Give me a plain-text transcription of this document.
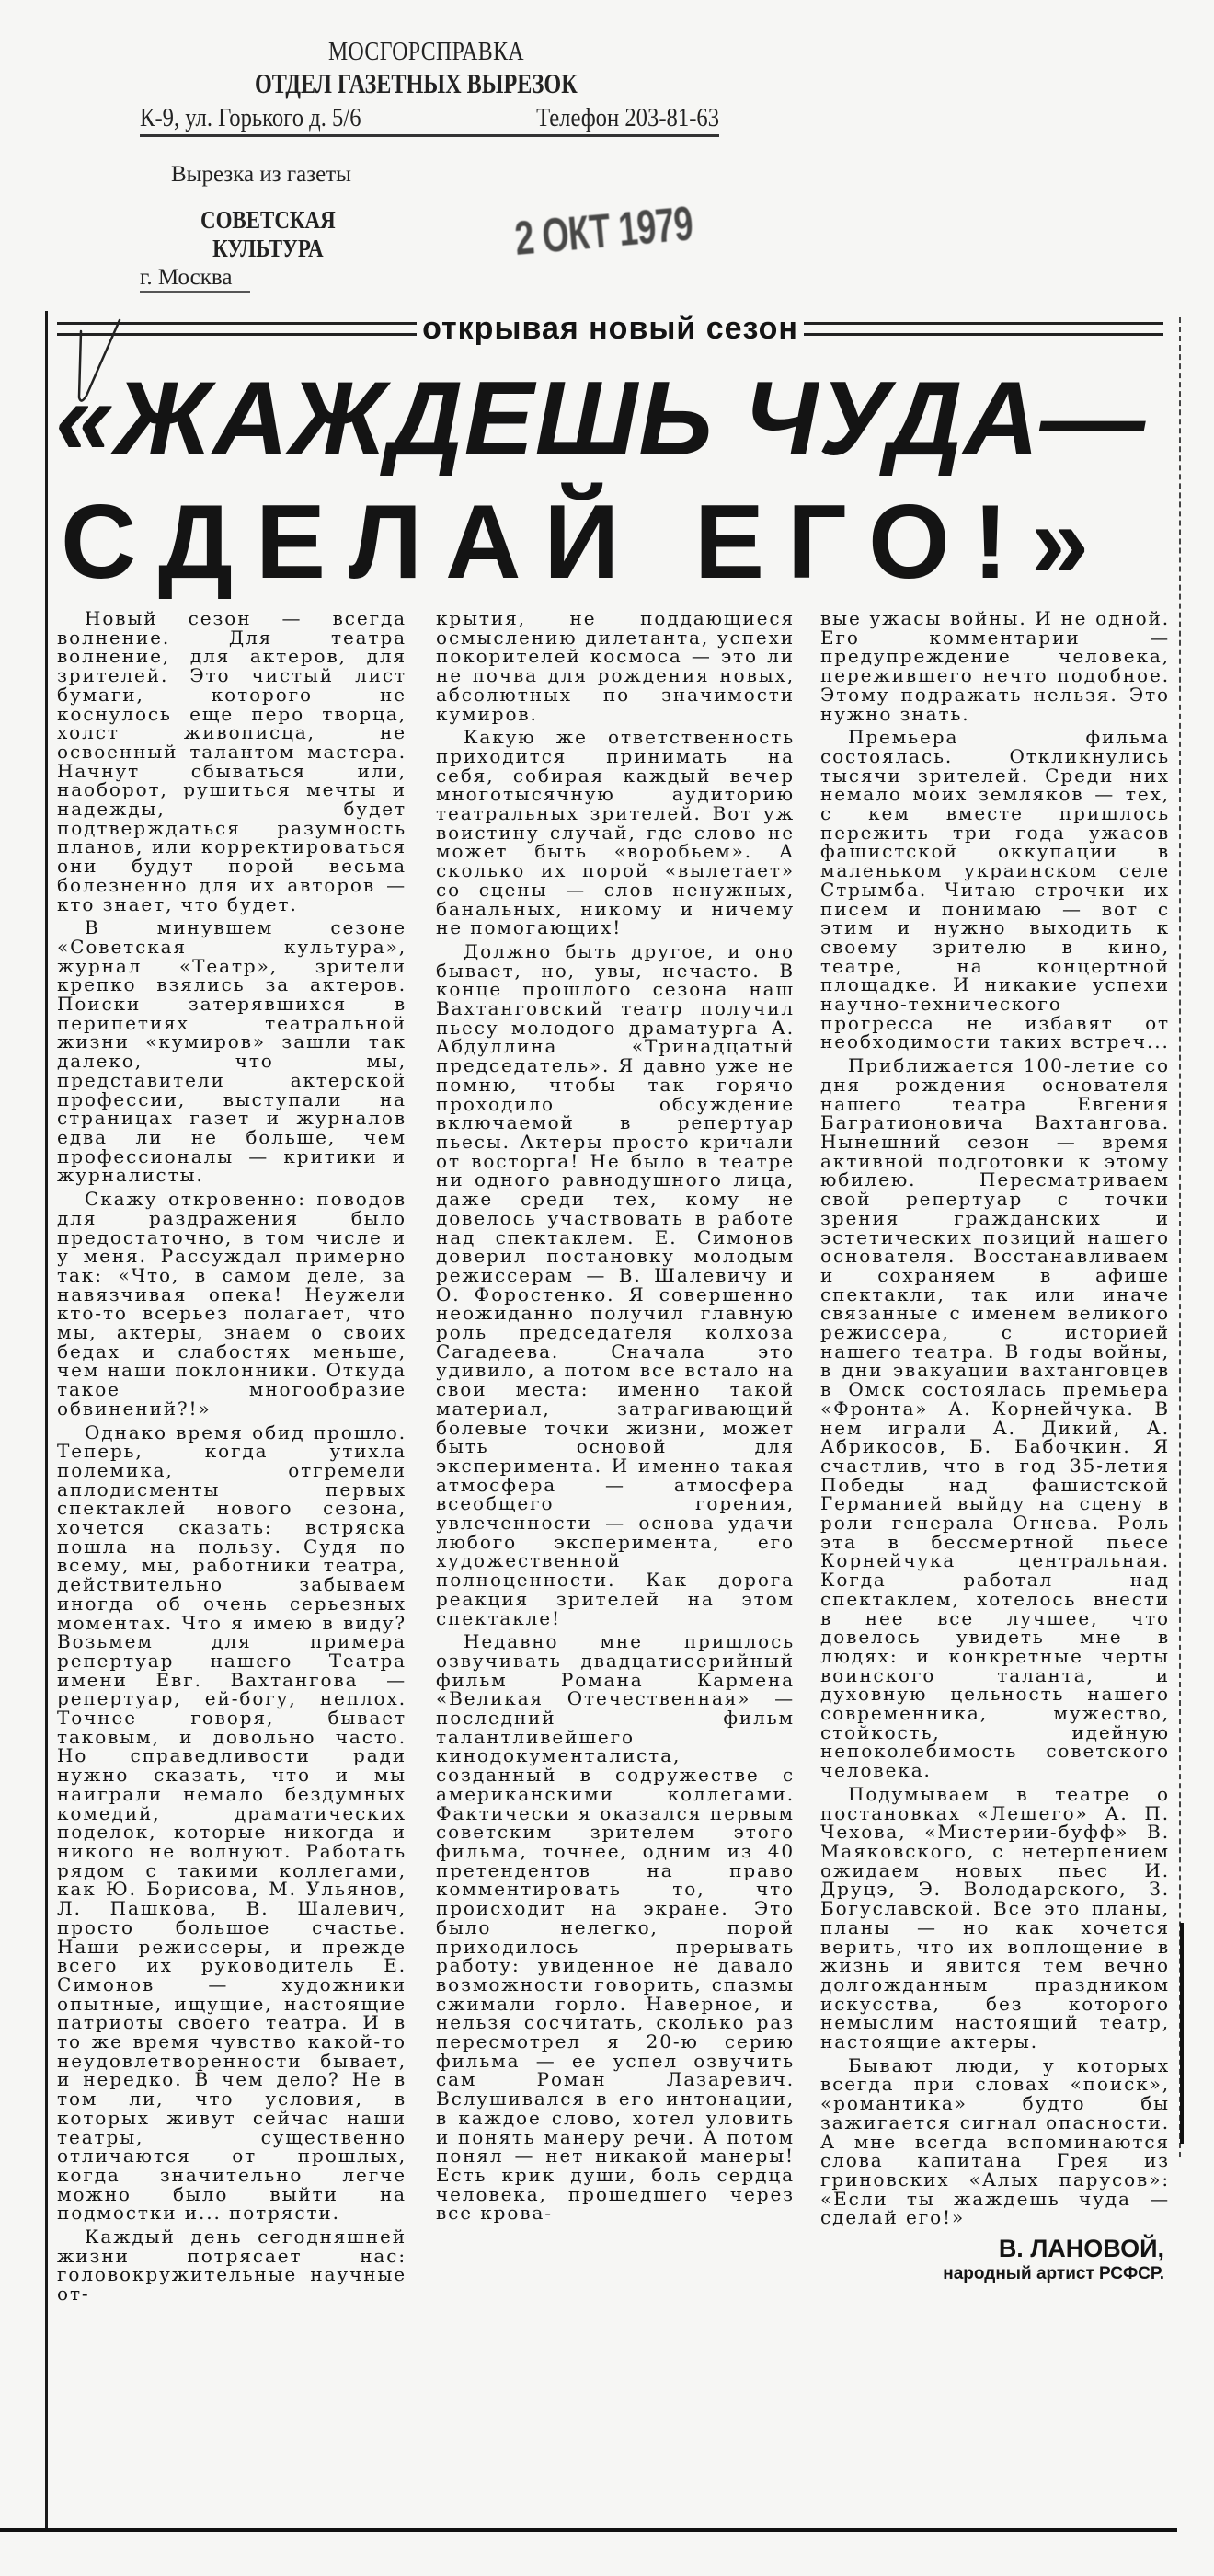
МОСГОРСПРАВКА
ОТДЕЛ ГАЗЕТНЫХ ВЫРЕЗОК
К-9, ул. Горького д. 5/6	Телефон 203-81-63
Вырезка из газеты
СОВЕТСКАЯ
КУЛЬТУРА
г. Москва
2 ОКТ 1979
открывая новый сезон
«ЖАЖДЕШЬ ЧУДА—
СДЕЛАЙ ЕГО!»

Новый сезон — всегда волнение. Для театра волнение, для актеров, для зрителей. Это чистый лист бумаги, которого не коснулось еще перо творца, холст живописца, не освоенный талантом мастера. Начнут сбываться или, наоборот, рушиться мечты и надежды, будет подтверждаться разумность планов, или корректироваться они будут порой весьма болезненно для их авторов — кто знает, что будет.

В минувшем сезоне «Советская культура», журнал «Театр», зрители крепко взялись за актеров. Поиски затерявшихся в перипетиях театральной жизни «кумиров» зашли так далеко, что мы, представители актерской профессии, выступали на страницах газет и журналов едва ли не больше, чем профессионалы — критики и журналисты.

Скажу откровенно: поводов для раздражения было предостаточно, в том числе и у меня. Рассуждал примерно так: «Что, в самом деле, за навязчивая опека! Неужели кто-то всерьез полагает, что мы, актеры, знаем о своих бедах и слабостях меньше, чем наши поклонники. Откуда такое многообразие обвинений?!»

Однако время обид прошло. Теперь, когда утихла полемика, отгремели аплодисменты первых спектаклей нового сезона, хочется сказать: встряска пошла на пользу. Судя по всему, мы, работники театра, действительно забываем иногда об очень серьезных моментах. Что я имею в виду? Возьмем для примера репертуар нашего Театра имени Евг. Вахтангова — репертуар, ей-богу, неплох. Точнее говоря, бывает таковым, и довольно часто. Но справедливости ради нужно сказать, что и мы наиграли немало бездумных комедий, драматических поделок, которые никогда и никого не волнуют. Работать рядом с такими коллегами, как Ю. Борисова, М. Ульянов, Л. Пашкова, В. Шалевич, просто большое счастье. Наши режиссеры, и прежде всего их руководитель Е. Симонов — художники опытные, ищущие, настоящие патриоты своего театра. И в то же время чувство какой-то неудовлетворенности бывает, и нередко. В чем дело? Не в том ли, что условия, в которых живут сейчас наши театры, существенно отличаются от прошлых, когда значительно легче можно было выйти на подмостки и... потрясти.

Каждый день сегодняшней жизни потрясает нас: головокружительные научные от-

крытия, не поддающиеся осмыслению дилетанта, успехи покорителей космоса — это ли не почва для рождения новых, абсолютных по значимости кумиров.

Какую же ответственность приходится принимать на себя, собирая каждый вечер многотысячную аудиторию театральных зрителей. Вот уж воистину случай, где слово не может быть «воробьем». А сколько их порой «вылетает» со сцены — слов ненужных, банальных, никому и ничему не помогающих!

Должно быть другое, и оно бывает, но, увы, нечасто. В конце прошлого сезона наш Вахтанговский театр получил пьесу молодого драматурга А. Абдуллина «Тринадцатый председатель». Я давно уже не помню, чтобы так горячо проходило обсуждение включаемой в репертуар пьесы. Актеры просто кричали от восторга! Не было в театре ни одного равнодушного лица, даже среди тех, кому не довелось участвовать в работе над спектаклем. Е. Симонов доверил постановку молодым режиссерам — В. Шалевичу и О. Форостенко. Я совершенно неожиданно получил главную роль председателя колхоза Сагадеева. Сначала это удивило, а потом все встало на свои места: именно такой материал, затрагивающий болевые точки жизни, может быть основой для эксперимента. И именно такая атмосфера — атмосфера всеобщего горения, увлеченности — основа удачи любого эксперимента, его художественной полноценности. Как дорога реакция зрителей на этом спектакле!

Недавно мне пришлось озвучивать двадцатисерийный фильм Романа Кармена «Великая Отечественная» — последний фильм талантливейшего кинодокументалиста, созданный в содружестве с американскими коллегами. Фактически я оказался первым советским зрителем этого фильма, точнее, одним из 40 претендентов на право комментировать то, что происходит на экране. Это было нелегко, порой приходилось прерывать работу: увиденное не давало возможности говорить, спазмы сжимали горло. Наверное, и нельзя сосчитать, сколько раз пересмотрел я 20-ю серию фильма — ее успел озвучить сам Роман Лазаревич. Вслушивался в его интонации, в каждое слово, хотел уловить и понять манеру речи. А потом понял — нет никакой манеры! Есть крик души, боль сердца человека, прошедшего через все крова-

вые ужасы войны. И не одной. Его комментарии — предупреждение человека, пережившего нечто подобное. Этому подражать нельзя. Это нужно знать.

Премьера фильма состоялась. Откликнулись тысячи зрителей. Среди них немало моих земляков — тех, с кем вместе пришлось пережить три года ужасов фашистской оккупации в маленьком украинском селе Стрымба. Читаю строчки их писем и понимаю — вот с этим и нужно выходить к своему зрителю в кино, театре, на концертной площадке. И никакие успехи научно-технического прогресса не избавят от необходимости таких встреч...

Приближается 100-летие со дня рождения основателя нашего театра Евгения Багратионовича Вахтангова. Нынешний сезон — время активной подготовки к этому юбилею. Пересматриваем свой репертуар с точки зрения гражданских и эстетических позиций нашего основателя. Восстанавливаем и сохраняем в афише спектакли, так или иначе связанные с именем великого режиссера, с историей нашего театра. В годы войны, в дни эвакуации вахтанговцев в Омск состоялась премьера «Фронта» А. Корнейчука. В нем играли А. Дикий, А. Абрикосов, Б. Бабочкин. Я счастлив, что в год 35-летия Победы над фашистской Германией выйду на сцену в роли генерала Огнева. Роль эта в бессмертной пьесе Корнейчука центральная. Когда работал над спектаклем, хотелось внести в нее все лучшее, что довелось увидеть мне в людях: и конкретные черты воинского таланта, и духовную цельность нашего современника, мужество, стойкость, идейную непоколебимость советского человека.

Подумываем в театре о постановках «Лешего» А. П. Чехова, «Мистерии-буфф» В. Маяковского, с нетерпением ожидаем новых пьес И. Друцэ, Э. Володарского, З. Богуславской. Все это планы, планы — но как хочется верить, что их воплощение в жизнь и явится тем вечно долгожданным праздником искусства, без которого немыслим настоящий театр, настоящие актеры.

Бывают люди, у которых всегда при словах «поиск», «романтика» будто бы зажигается сигнал опасности. А мне всегда вспоминаются слова капитана Грея из гриновских «Алых парусов»: «Если ты жаждешь чуда — сделай его!»

В. ЛАНОВОЙ,
народный артист РСФСР.
